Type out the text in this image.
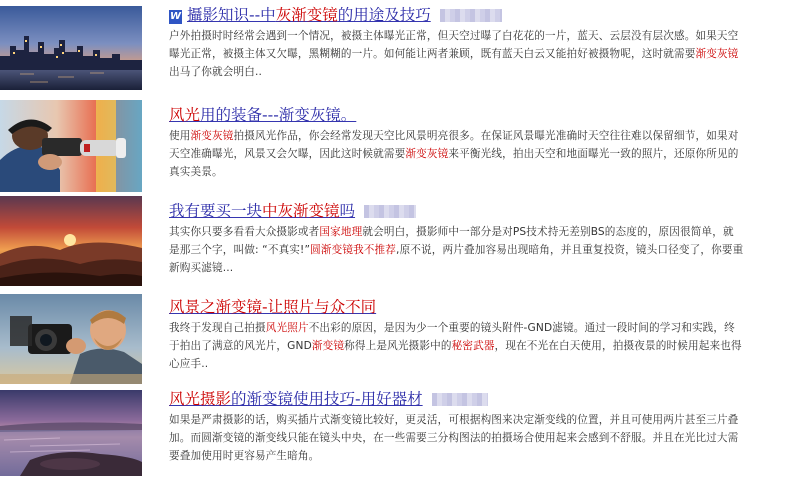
W 攝影知识--中灰渐变镜的用途及技巧
户外拍摄时时经常会遇到一个情况，被摄主体曝光正常，但天空过曝了白花花的一片，蓝天、云层没有层次感。如果天空曝光正常，被摄主体又欠曝，黑糊糊的一片。如何能让两者兼顾，既有蓝天白云又能拍好被摄物呢，这时就需要渐变灰镜出马了你就会明白..
风光用的装备---渐变灰镜。
使用渐变灰镜拍摄风光作品，你会经常发现天空比风景明亮很多。在保证风景曝光准确时天空往往难以保留细节，如果对天空准确曝光，风景又会欠曝，因此这时候就需要渐变灰镜来平衡光线，拍出天空和地面曝光一致的照片，还原你所见的真实美景。
我有要买一块中灰渐变镜吗
其实你只要多看看大众摄影或者国家地理就会明白，摄影师中一部分是对PS技术持无差别BS的态度的，原因很简单，就是那三个字，叫做: “不真实!”圆渐变镜我不推荐,原不说，两片叠加容易出现暗角，并且重复投资，镜头口径变了，你要重新购买滤镜...
风景之渐变镜-让照片与众不同
我终于发现自己拍摄风光照片不出彩的原因，是因为少一个重要的镜头附件-GND滤镜。通过一段时间的学习和实践，终于拍出了满意的风光片，GND渐变镜称得上是风光摄影中的秘密武器，现在不光在白天使用，拍摄夜景的时候用起来也得心应手..
风光摄影的渐变镜使用技巧-用好器材
如果是严肃摄影的话，购买插片式渐变镜比较好，更灵活，可根据构图来决定渐变线的位置，并且可使用两片甚至三片叠加。而圆渐变镜的渐变线只能在镜头中央，在一些需要三分构图法的拍摄场合使用起来会感到不舒服。并且在光比过大需要叠加使用时更容易产生暗角。
